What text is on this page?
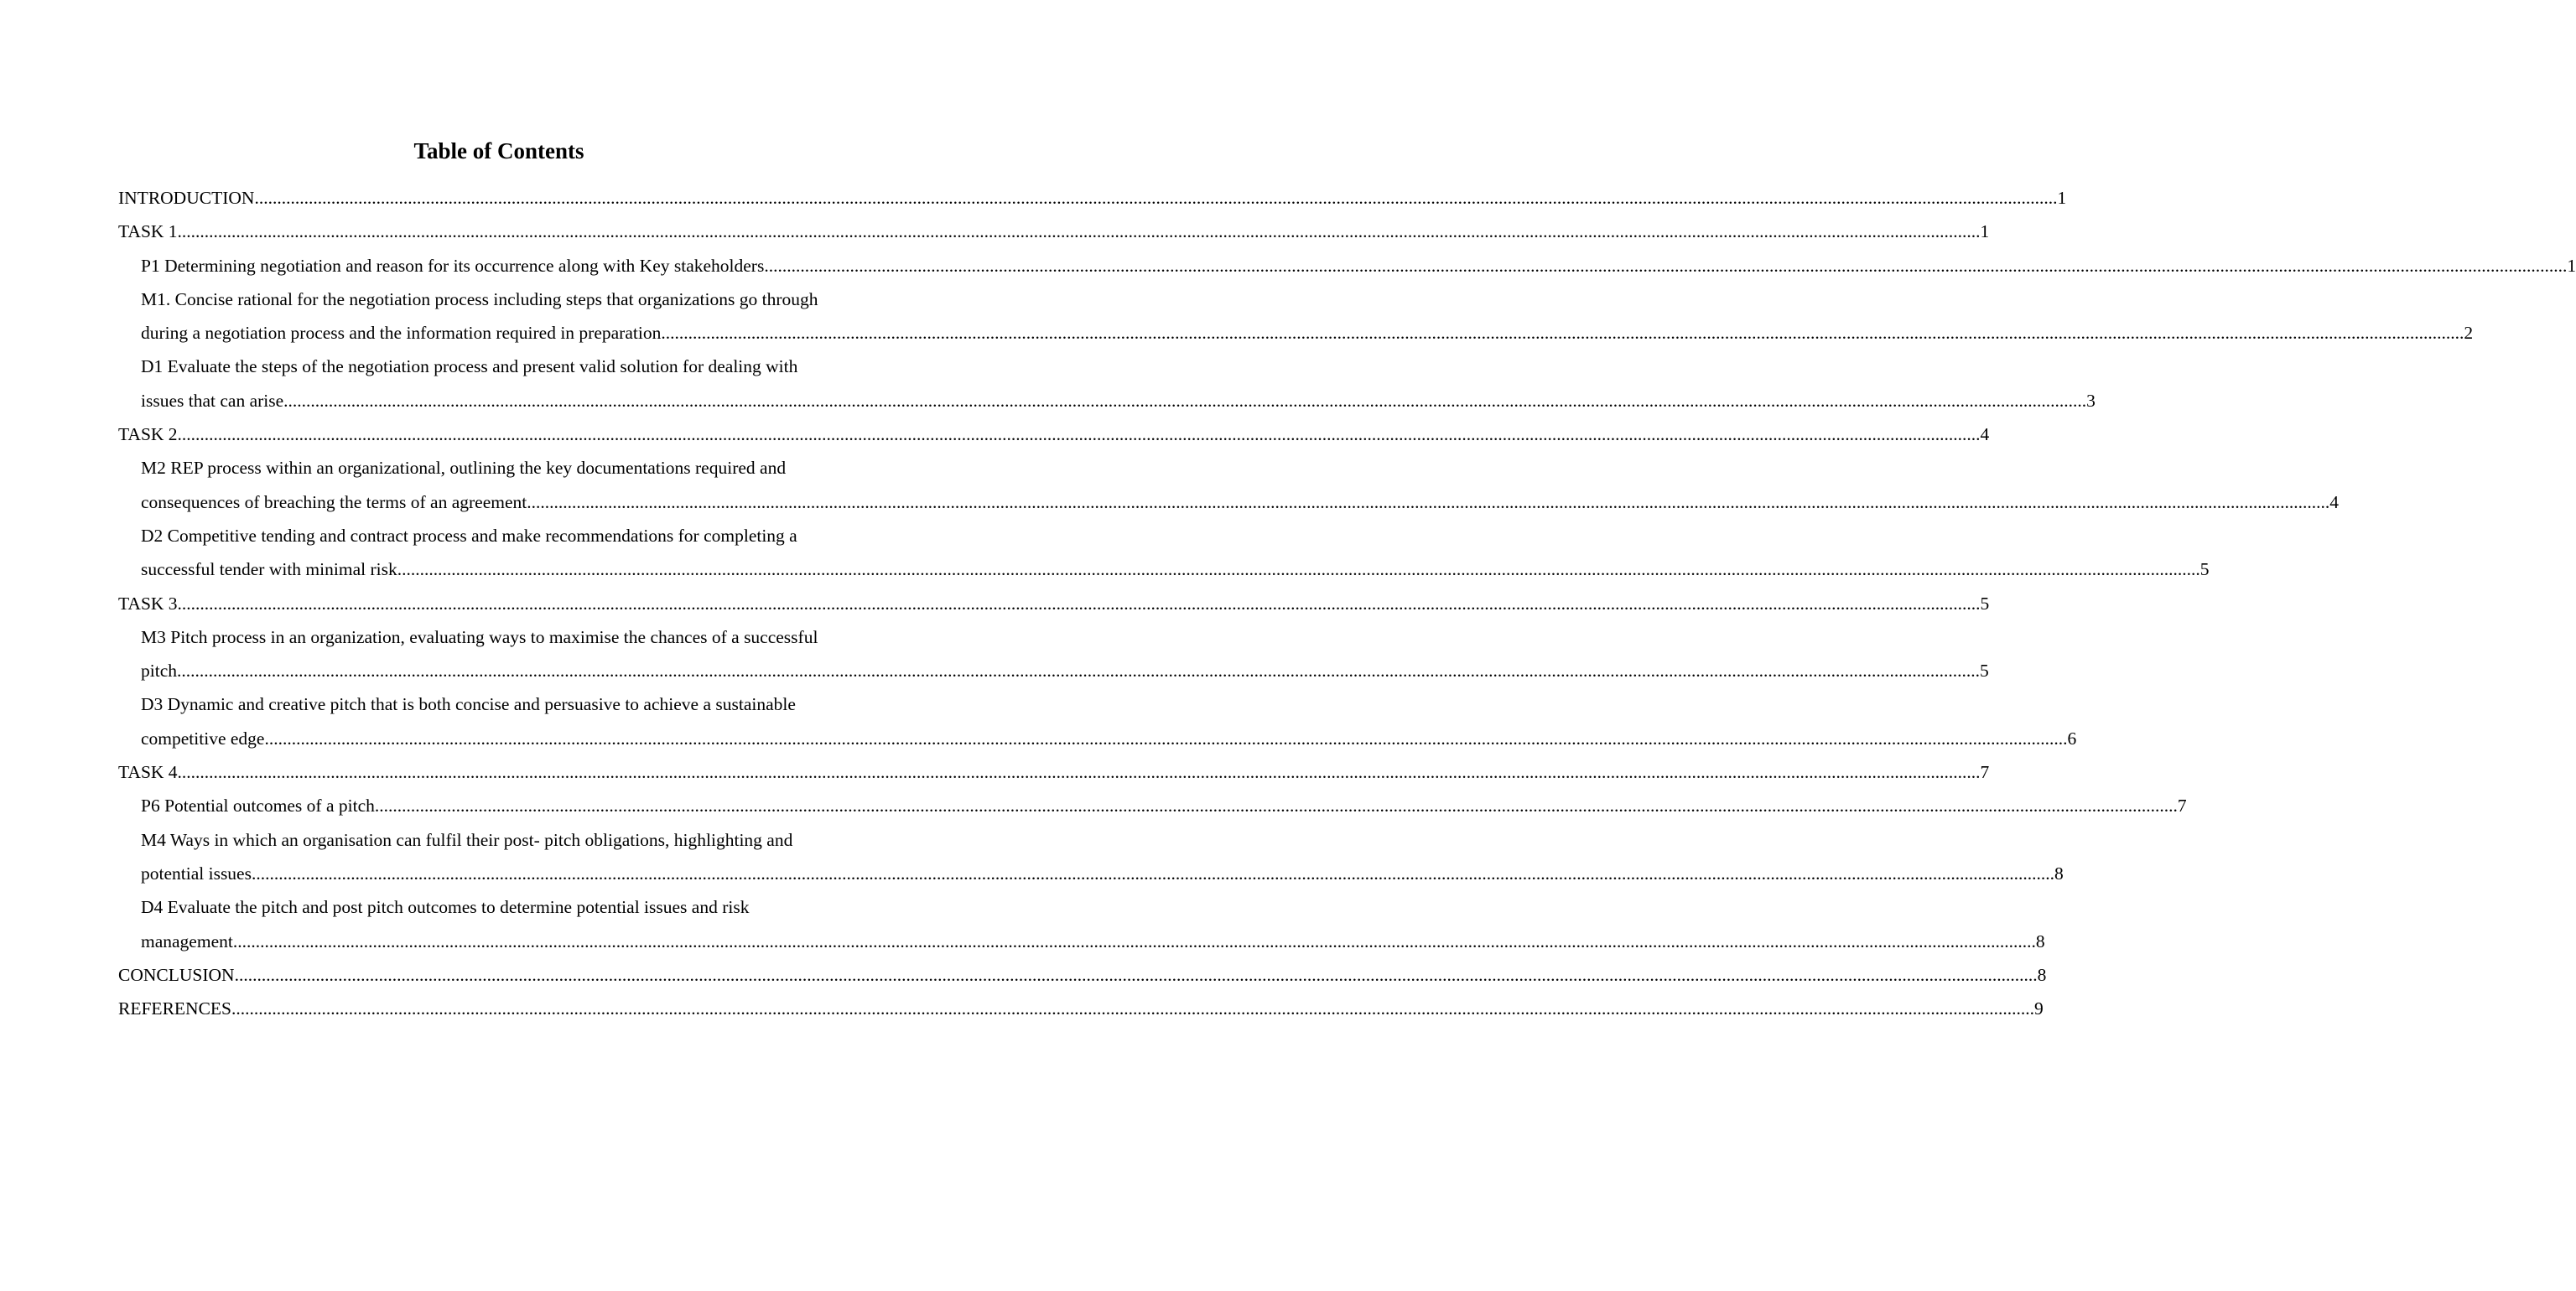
Table of Contents
INTRODUCTION ................................................................................................................................................................................................................................................................................................................................................................................................................ 1
TASK 1 ................................................................................................................................................................................................................................................................................................................................................................................................................ 1
P1 Determining negotiation and reason for its occurrence along with Key stakeholders ................................................................................................................................................................................................................................................................................................................................................................................................................ 1
M1. Concise rational for the negotiation process including steps that organizations go through
during a negotiation process and the information required in preparation ................................................................................................................................................................................................................................................................................................................................................................................................................ 2
D1 Evaluate the steps of the negotiation process and present valid solution for dealing with
issues that can arise ................................................................................................................................................................................................................................................................................................................................................................................................................ 3
TASK 2 ................................................................................................................................................................................................................................................................................................................................................................................................................ 4
M2 REP process within an organizational, outlining the key documentations required and
consequences of breaching the terms of an agreement ................................................................................................................................................................................................................................................................................................................................................................................................................ 4
D2 Competitive tending and contract process and make recommendations for completing a
successful tender with minimal risk ................................................................................................................................................................................................................................................................................................................................................................................................................ 5
TASK 3 ................................................................................................................................................................................................................................................................................................................................................................................................................ 5
M3 Pitch process in an organization, evaluating ways to maximise the chances of a successful
pitch ................................................................................................................................................................................................................................................................................................................................................................................................................ 5
D3 Dynamic and creative pitch that is both concise and persuasive to achieve a sustainable
competitive edge ................................................................................................................................................................................................................................................................................................................................................................................................................ 6
TASK 4 ................................................................................................................................................................................................................................................................................................................................................................................................................ 7
P6 Potential outcomes of a pitch ................................................................................................................................................................................................................................................................................................................................................................................................................ 7
M4 Ways in which an organisation can fulfil their post- pitch obligations, highlighting and
potential issues ................................................................................................................................................................................................................................................................................................................................................................................................................ 8
D4 Evaluate the pitch and post pitch outcomes to determine potential issues and risk
management ................................................................................................................................................................................................................................................................................................................................................................................................................ 8
CONCLUSION ................................................................................................................................................................................................................................................................................................................................................................................................................ 8
REFERENCES ................................................................................................................................................................................................................................................................................................................................................................................................................ 9
